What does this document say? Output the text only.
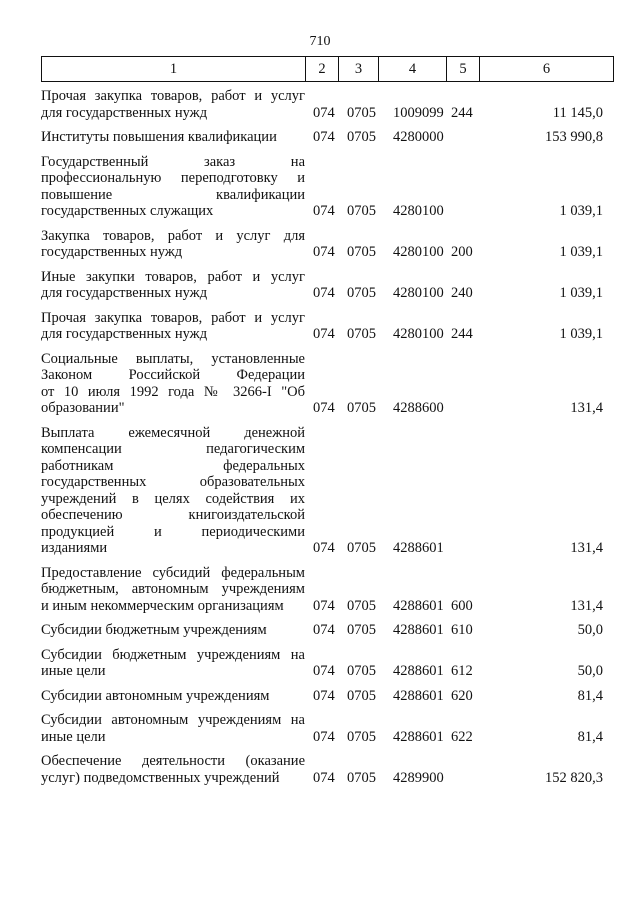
710
1	2	3	4	5	6
Прочая закупка товаров, работ и услуг
для государственных нужд	074 0705 1009099 244	11 145,0
Институты повышения квалификации	074 0705 4280000	153 990,8
Государственный заказ на
профессиональную переподготовку и
повышение квалификации
государственных служащих	074 0705 4280100	1 039,1
Закупка товаров, работ и услуг для
государственных нужд	074 0705 4280100 200	1 039,1
Иные закупки товаров, работ и услуг
для государственных нужд	074 0705 4280100 240	1 039,1
Прочая закупка товаров, работ и услуг
для государственных нужд	074 0705 4280100 244	1 039,1
Социальные выплаты, установленные
Законом Российской Федерации
от 10 июля 1992 года № 3266-I "Об
образовании"	074 0705 4288600	131,4
Выплата ежемесячной денежной
компенсации педагогическим
работникам федеральных
государственных образовательных
учреждений в целях содействия их
обеспечению книгоиздательской
продукцией и периодическими
изданиями	074 0705 4288601	131,4
Предоставление субсидий федеральным
бюджетным, автономным учреждениям
и иным некоммерческим организациям	074 0705 4288601 600	131,4
Субсидии бюджетным учреждениям	074 0705 4288601 610	50,0
Субсидии бюджетным учреждениям на
иные цели	074 0705 4288601 612	50,0
Субсидии автономным учреждениям	074 0705 4288601 620	81,4
Субсидии автономным учреждениям на
иные цели	074 0705 4288601 622	81,4
Обеспечение деятельности (оказание
услуг) подведомственных учреждений	074 0705 4289900	152 820,3
